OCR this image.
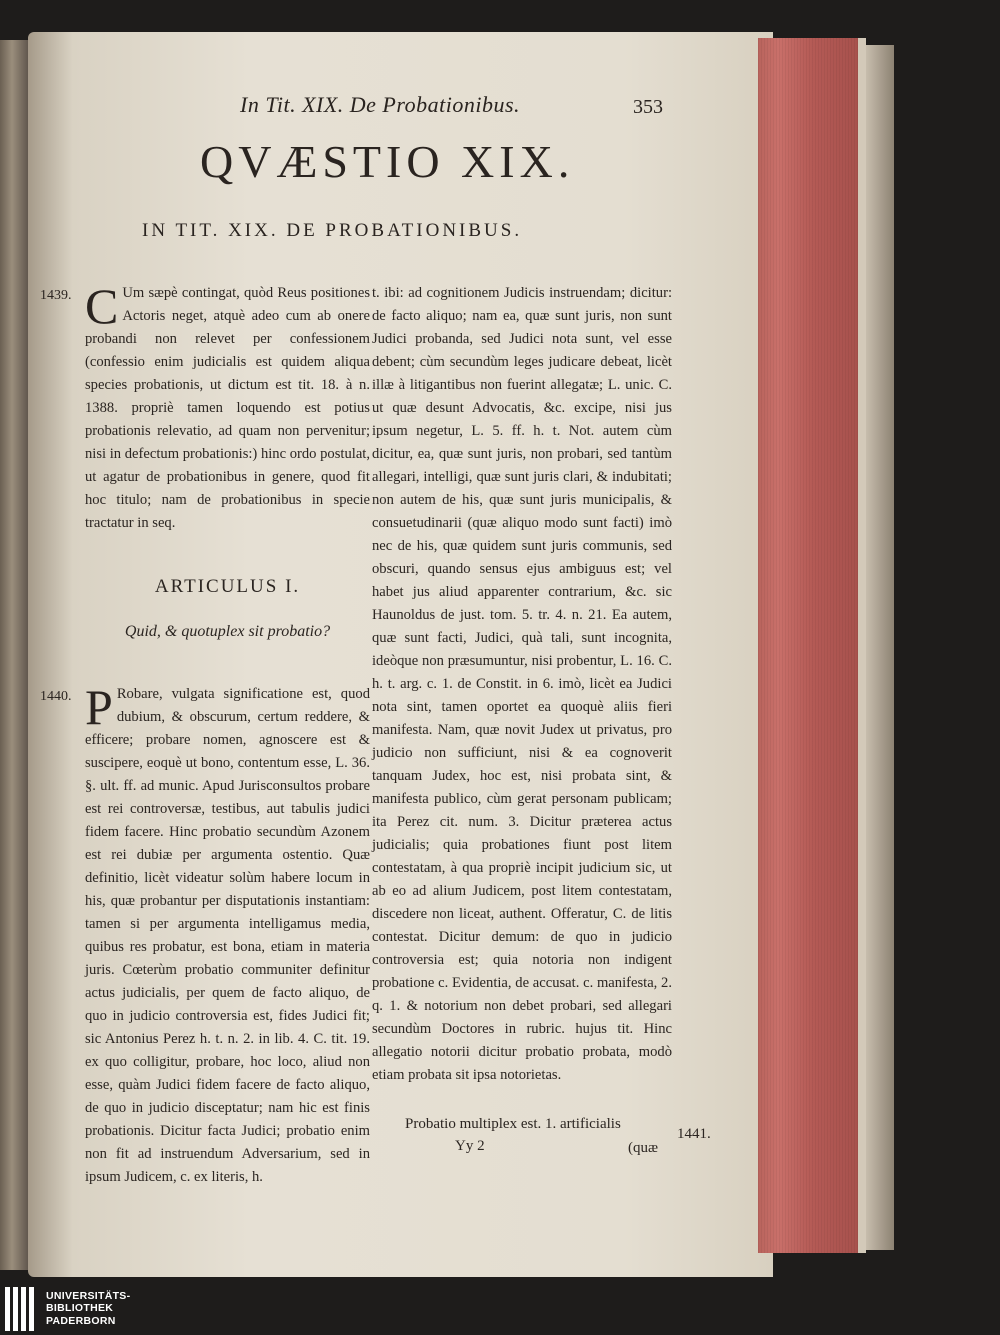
In Tit. XIX. De Probationibus.	353
QVÆSTIO XIX.
IN TIT. XIX. DE PROBATIONIBUS.
1439. C Um sæpè contingat, quòd Reus positiones Actoris neget, atquè adeo cum ab onere probandi non relevet per confessionem (confessio enim judicialis est quidem aliqua species probationis, ut dictum est tit. 18. à n. 1388. propriè tamen loquendo est potius probationis relevatio, ad quam non pervenitur; nisi in defectum probationis:) hinc ordo postulat, ut agatur de probationibus in genere, quod fit hoc titulo; nam de probationibus in specie tractatur in seq.
ARTICULUS I.
Quid, & quotuplex sit probatio?
1440. P Robare, vulgata significatione est, quod dubium, & obscurum, certum reddere, & efficere; probare nomen, agnoscere est & suscipere, eoquè ut bono, contentum esse, L. 36. §. ult. ff. ad munic. Apud Jurisconsultos probare est rei controversæ, testibus, aut tabulis judici fidem facere. Hinc probatio secundùm Azonem est rei dubiæ per argumenta ostentio. Quæ definitio, licèt videatur solùm habere locum in his, quæ probantur per disputationis instantiam: tamen si per argumenta intelligamus media, quibus res probatur, est bona, etiam in materia juris. Cœterùm probatio communiter definitur actus judicialis, per quem de facto aliquo, de quo in judicio controversia est, fides Judici fit; sic Antonius Perez h. t. n. 2. in lib. 4. C. tit. 19. ex quo colligitur, probare, hoc loco, aliud non esse, quàm Judici fidem facere de facto aliquo, de quo in judicio disceptatur; nam hic est finis probationis. Dicitur facta Judici; probatio enim non fit ad instruendum Adversarium, sed in ipsum Judicem, c. ex literis, h.
t. ibi: ad cognitionem Judicis instruendam; dicitur: de facto aliquo; nam ea, quæ sunt juris, non sunt Judici probanda, sed Judici nota sunt, vel esse debent; cùm secundùm leges judicare debeat, licèt illæ à litigantibus non fuerint allegatæ; L. unic. C. ut quæ desunt Advocatis, &c. excipe, nisi jus ipsum negetur, L. 5. ff. h. t. Not. autem cùm dicitur, ea, quæ sunt juris, non probari, sed tantùm allegari, intelligi, quæ sunt juris clari, & indubitati; non autem de his, quæ sunt juris municipalis, & consuetudinarii (quæ aliquo modo sunt facti) imò nec de his, quæ quidem sunt juris communis, sed obscuri, quando sensus ejus ambiguus est; vel habet jus aliud apparenter contrarium, &c. sic Haunoldus de just. tom. 5. tr. 4. n. 21. Ea autem, quæ sunt facti, Judici, quà tali, sunt incognita, ideòque non præsumuntur, nisi probentur, L. 16. C. h. t. arg. c. 1. de Constit. in 6. imò, licèt ea Judici nota sint, tamen oportet ea quoquè aliis fieri manifesta. Nam, quæ novit Judex ut privatus, pro judicio non sufficiunt, nisi & ea cognoverit tanquam Judex, hoc est, nisi probata sint, & manifesta publico, cùm gerat personam publicam; ita Perez cit. num. 3. Dicitur præterea actus judicialis; quia probationes fiunt post litem contestatam, à qua propriè incipit judicium sic, ut ab eo ad alium Judicem, post litem contestatam, discedere non liceat, authent. Offeratur, C. de litis contestat. Dicitur demum: de quo in judicio controversia est; quia notoria non indigent probatione c. Evidentia, de accusat. c. manifesta, 2. q. 1. & notorium non debet probari, sed allegari secundùm Doctores in rubric. hujus tit. Hinc allegatio notorii dicitur probatio probata, modò etiam probata sit ipsa notorietas.
Probatio multiplex est. 1. artificialis
1441.
Yy 2	(quæ
UNIVERSITÄTS-
BIBLIOTHEK
PADERBORN
